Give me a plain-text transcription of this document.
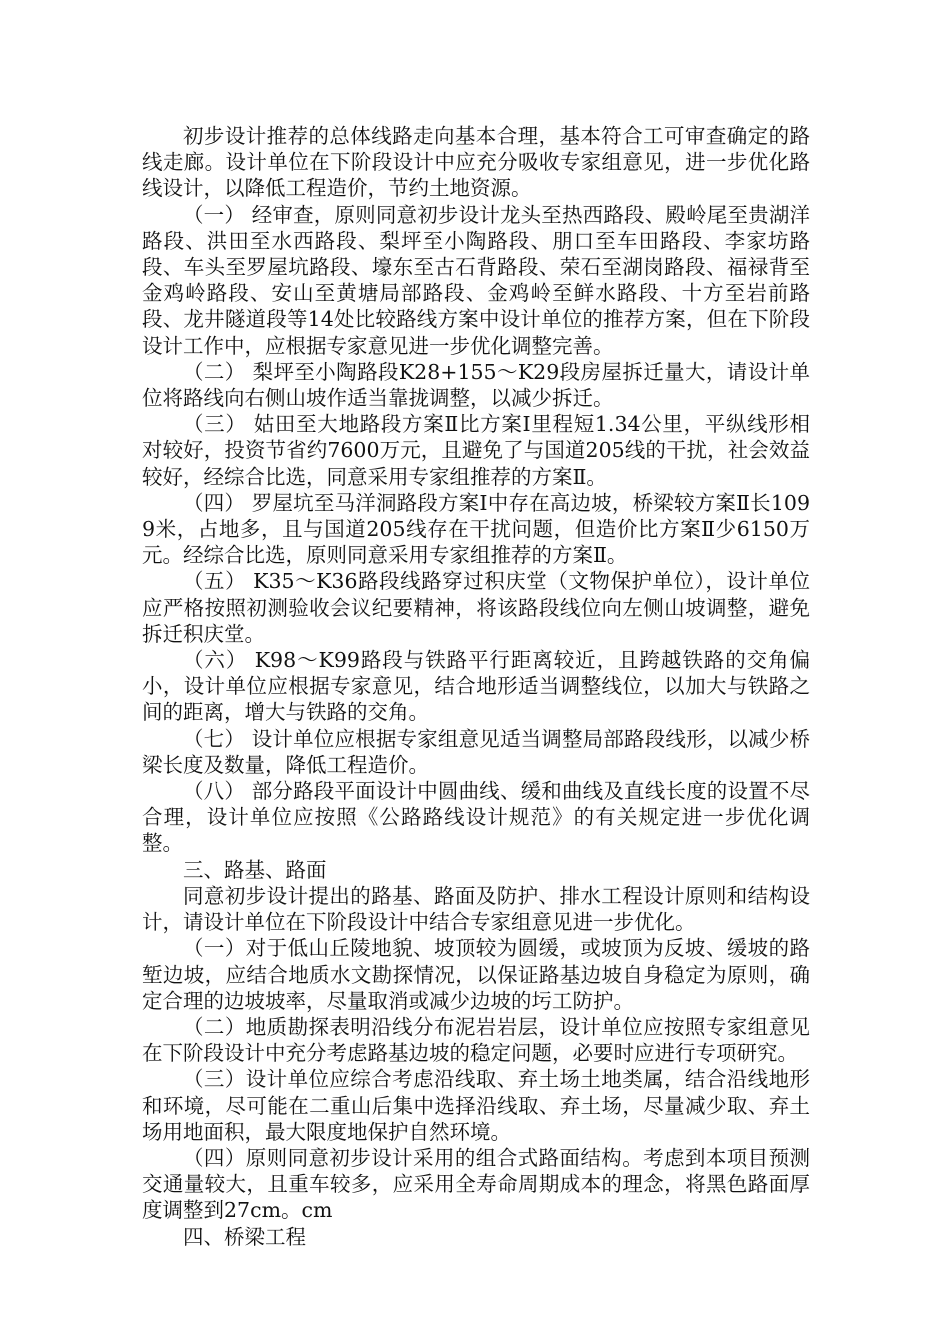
初步设计推荐的总体线路走向基本合理，基本符合工可审查确定的路线走廊。设计单位在下阶段设计中应充分吸收专家组意见，进一步优化路线设计，以降低工程造价，节约土地资源。

（一） 经审查，原则同意初步设计龙头至热西路段、殿岭尾至贵湖洋路段、洪田至水西路段、梨坪至小陶路段、朋口至车田路段、李家坊路段、车头至罗屋坑路段、壕东至古石背路段、荣石至湖岗路段、福禄背至金鸡岭路段、安山至黄塘局部路段、金鸡岭至鲜水路段、十方至岩前路段、龙井隧道段等14处比较路线方案中设计单位的推荐方案，但在下阶段设计工作中，应根据专家意见进一步优化调整完善。

（二） 梨坪至小陶路段K28+155～K29段房屋拆迁量大，请设计单位将路线向右侧山坡作适当靠拢调整，以减少拆迁。

（三） 姑田至大地路段方案Ⅱ比方案Ⅰ里程短1.34公里，平纵线形相对较好，投资节省约7600万元，且避免了与国道205线的干扰，社会效益较好，经综合比选，同意采用专家组推荐的方案Ⅱ。

（四） 罗屋坑至马洋洞路段方案Ⅰ中存在高边坡，桥梁较方案Ⅱ长1099米，占地多，且与国道205线存在干扰问题，但造价比方案Ⅱ少6150万元。经综合比选，原则同意采用专家组推荐的方案Ⅱ。

（五） K35～K36路段线路穿过积庆堂（文物保护单位），设计单位应严格按照初测验收会议纪要精神，将该路段线位向左侧山坡调整，避免拆迁积庆堂。

（六） K98～K99路段与铁路平行距离较近，且跨越铁路的交角偏小，设计单位应根据专家意见，结合地形适当调整线位，以加大与铁路之间的距离，增大与铁路的交角。

（七） 设计单位应根据专家组意见适当调整局部路段线形，以减少桥梁长度及数量，降低工程造价。

（八） 部分路段平面设计中圆曲线、缓和曲线及直线长度的设置不尽合理，设计单位应按照《公路路线设计规范》的有关规定进一步优化调整。

三、路基、路面

同意初步设计提出的路基、路面及防护、排水工程设计原则和结构设计，请设计单位在下阶段设计中结合专家组意见进一步优化。

（一）对于低山丘陵地貌、坡顶较为圆缓，或坡顶为反坡、缓坡的路堑边坡，应结合地质水文勘探情况，以保证路基边坡自身稳定为原则，确定合理的边坡坡率，尽量取消或减少边坡的圬工防护。

（二）地质勘探表明沿线分布泥岩岩层，设计单位应按照专家组意见在下阶段设计中充分考虑路基边坡的稳定问题，必要时应进行专项研究。

（三）设计单位应综合考虑沿线取、弃土场土地类属，结合沿线地形和环境，尽可能在二重山后集中选择沿线取、弃土场，尽量减少取、弃土场用地面积，最大限度地保护自然环境。

（四）原则同意初步设计采用的组合式路面结构。考虑到本项目预测交通量较大，且重车较多，应采用全寿命周期成本的理念，将黑色路面厚度调整到27cm。cm

四、桥梁工程
